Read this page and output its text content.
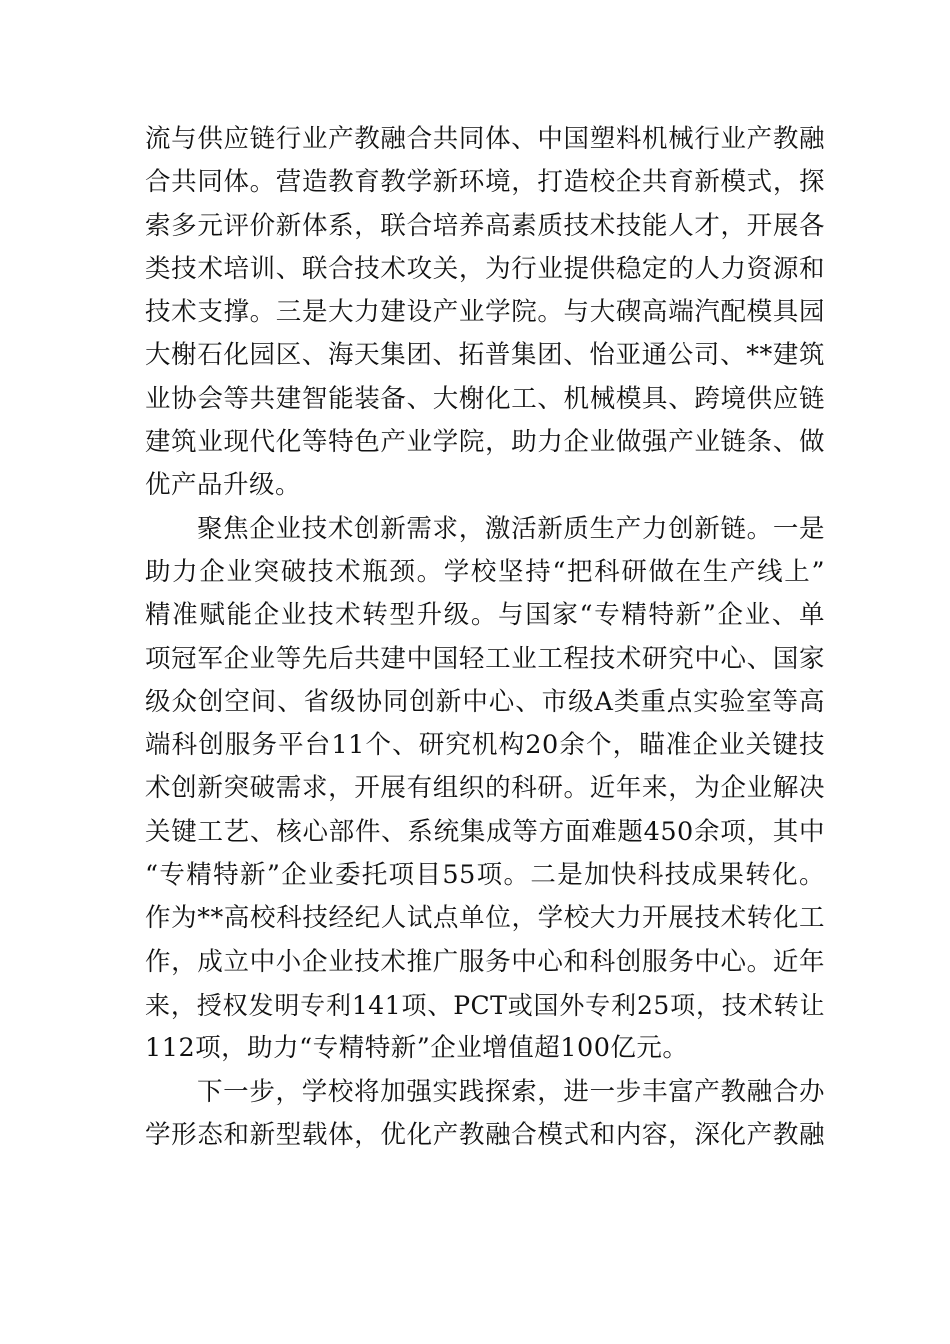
流与供应链行业产教融合共同体、中国塑料机械行业产教融
合共同体。营造教育教学新环境，打造校企共育新模式，探
索多元评价新体系，联合培养高素质技术技能人才，开展各
类技术培训、联合技术攻关，为行业提供稳定的人力资源和
技术支撑。三是大力建设产业学院。与大碶高端汽配模具园
大榭石化园区、海天集团、拓普集团、怡亚通公司、**建筑
业协会等共建智能装备、大榭化工、机械模具、跨境供应链
建筑业现代化等特色产业学院，助力企业做强产业链条、做
优产品升级。

聚焦企业技术创新需求，激活新质生产力创新链。一是
助力企业突破技术瓶颈。学校坚持“把科研做在生产线上”
精准赋能企业技术转型升级。与国家“专精特新”企业、单
项冠军企业等先后共建中国轻工业工程技术研究中心、国家
级众创空间、省级协同创新中心、市级A类重点实验室等高
端科创服务平台11个、研究机构20余个，瞄准企业关键技
术创新突破需求，开展有组织的科研。近年来，为企业解决
关键工艺、核心部件、系统集成等方面难题450余项，其中
“专精特新”企业委托项目55项。二是加快科技成果转化。
作为**高校科技经纪人试点单位，学校大力开展技术转化工
作，成立中小企业技术推广服务中心和科创服务中心。近年
来，授权发明专利141项、PCT或国外专利25项，技术转让
112项，助力“专精特新”企业增值超100亿元。

下一步，学校将加强实践探索，进一步丰富产教融合办
学形态和新型载体，优化产教融合模式和内容，深化产教融
